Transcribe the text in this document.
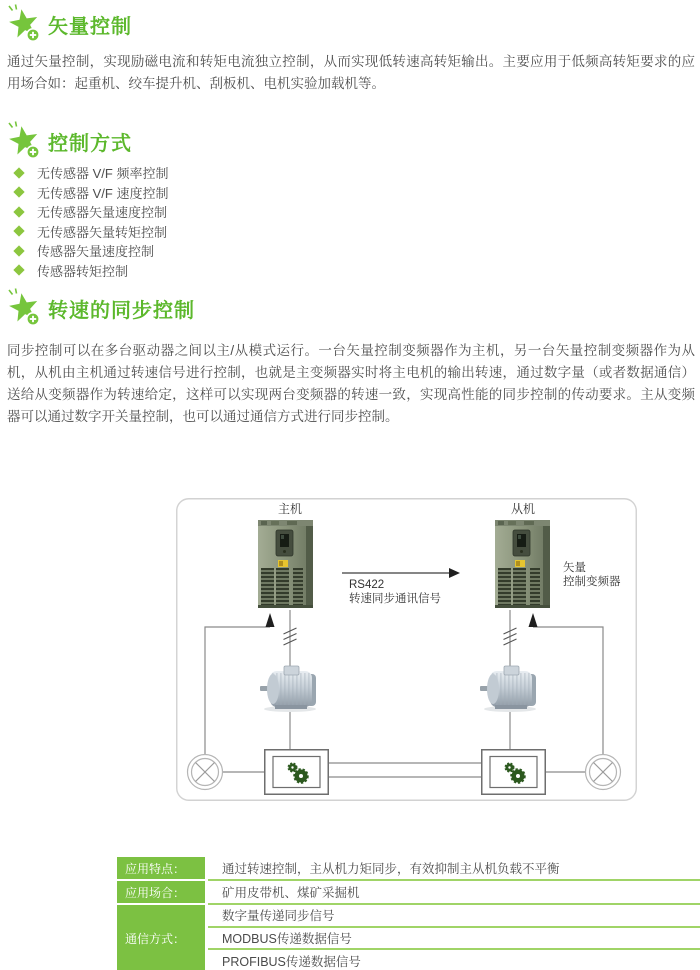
矢量控制
通过矢量控制，实现励磁电流和转矩电流独立控制，从而实现低转速高转矩输出。主要应用于低频高转矩要求的应用场合如：起重机、绞车提升机、刮板机、电机实验加载机等。
控制方式
无传感器 V/F 频率控制
无传感器 V/F 速度控制
无传感器矢量速度控制
无传感器矢量转矩控制
传感器矢量速度控制
传感器转矩控制
转速的同步控制
同步控制可以在多台驱动器之间以主/从模式运行。一台矢量控制变频器作为主机，另一台矢量控制变频器作为从机，从机由主机通过转速信号进行控制，也就是主变频器实时将主电机的输出转速，通过数字量（或者数据通信）送给从变频器作为转速给定，这样可以实现两台变频器的转速一致，实现高性能的同步控制的传动要求。主从变频器可以通过数字开关量控制，也可以通过通信方式进行同步控制。
主机	从机
RS422
转速同步通讯信号
矢量
控制变频器
应用特点：	通过转速控制，主从机力矩同步，有效抑制主从机负载不平衡
应用场合：	矿用皮带机、煤矿采掘机
通信方式：
数字量传递同步信号
MODBUS传递数据信号
PROFIBUS传递数据信号
